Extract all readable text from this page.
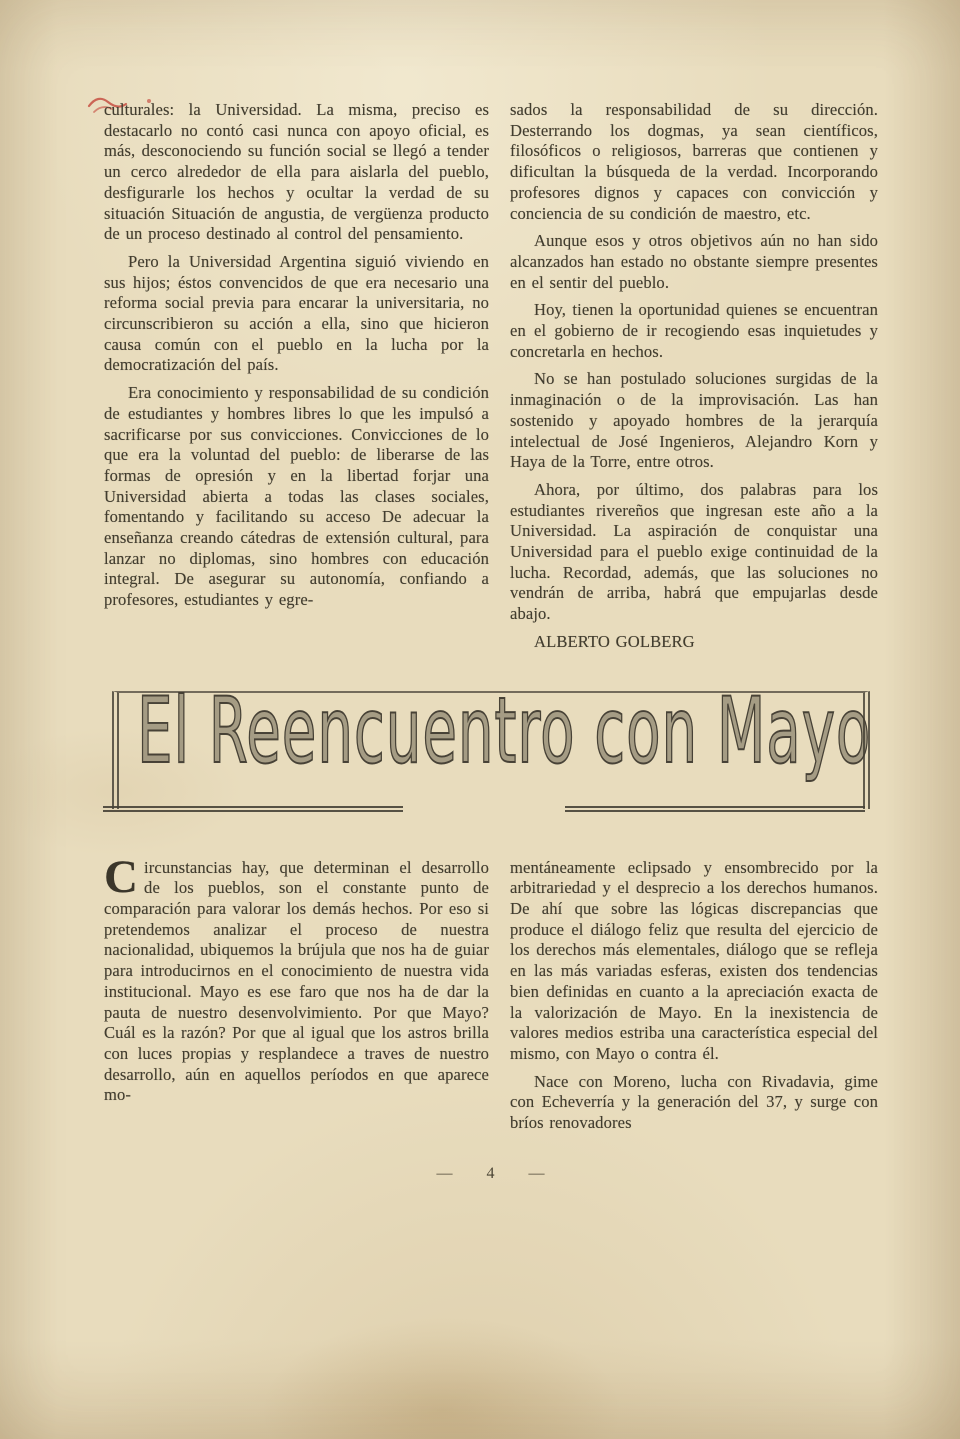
culturales: la Universidad. La misma, preciso es destacarlo no contó casi nunca con apoyo oficial, es más, desconociendo su función social se llegó a tender un cerco alrededor de ella para aislarla del pueblo, desfigurarle los hechos y ocultar la verdad de su situación Situación de angustia, de vergüenza producto de un proceso destinado al control del pensamiento.

Pero la Universidad Argentina siguió viviendo en sus hijos; éstos convencidos de que era necesario una reforma social previa para encarar la universitaria, no circunscribieron su acción a ella, sino que hicieron causa común con el pueblo en la lucha por la democratización del país.

Era conocimiento y responsabilidad de su condición de estudiantes y hombres libres lo que les impulsó a sacrificarse por sus convicciones. Convicciones de lo que era la voluntad del pueblo: de liberarse de las formas de opresión y en la libertad forjar una Universidad abierta a todas las clases sociales, fomentando y facilitando su acceso De adecuar la enseñanza creando cátedras de extensión cultural, para lanzar no diplomas, sino hombres con educación integral. De asegurar su autonomía, confiando a profesores, estudiantes y egre-

sados la responsabilidad de su dirección. Desterrando los dogmas, ya sean científicos, filosóficos o religiosos, barreras que contienen y dificultan la búsqueda de la verdad. Incorporando profesores dignos y capaces con convicción y conciencia de su condición de maestro, etc.

Aunque esos y otros objetivos aún no han sido alcanzados han estado no obstante siempre presentes en el sentir del pueblo.

Hoy, tienen la oportunidad quienes se encuentran en el gobierno de ir recogiendo esas inquietudes y concretarla en hechos.

No se han postulado soluciones surgidas de la inmaginación o de la improvisación. Las han sostenido y apoyado hombres de la jerarquía intelectual de José Ingenieros, Alejandro Korn y Haya de la Torre, entre otros.

Ahora, por último, dos palabras para los estudiantes rivereños que ingresan este año a la Universidad. La aspiración de conquistar una Universidad para el pueblo exige continuidad de la lucha. Recordad, además, que las soluciones no vendrán de arriba, habrá que empujarlas desde abajo.

ALBERTO GOLBERG

El Reencuentro con Mayo

Circunstancias hay, que determinan el desarrollo de los pueblos, son el constante punto de comparación para valorar los demás hechos. Por eso si pretendemos analizar el proceso de nuestra nacionalidad, ubiquemos la brújula que nos ha de guiar para introducirnos en el conocimiento de nuestra vida institucional. Mayo es ese faro que nos ha de dar la pauta de nuestro desenvolvimiento. Por que Mayo? Cuál es la razón? Por que al igual que los astros brilla con luces propias y resplandece a traves de nuestro desarrollo, aún en aquellos períodos en que aparece mo-

mentáneamente eclipsado y ensombrecido por la arbitrariedad y el desprecio a los derechos humanos. De ahí que sobre las lógicas discrepancias que produce el diálogo feliz que resulta del ejercicio de los derechos más elementales, diálogo que se refleja en las más variadas esferas, existen dos tendencias bien definidas en cuanto a la apreciación exacta de la valorización de Mayo. En la inexistencia de valores medios estriba una característica especial del mismo, con Mayo o contra él.

Nace con Moreno, lucha con Rivadavia, gime con Echeverría y la generación del 37, y surge con bríos renovadores

— 4 —
